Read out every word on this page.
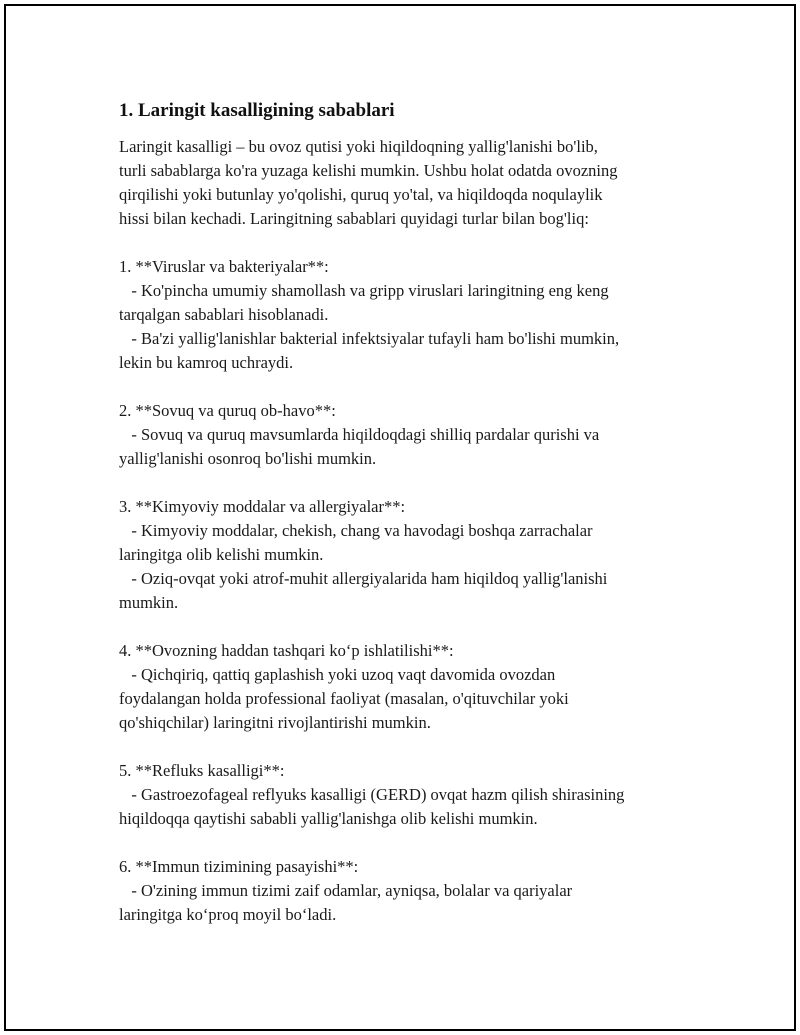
1. Laringit kasalligining sabablari

Laringit kasalligi – bu ovoz qutisi yoki hiqildoqning yallig'lanishi bo'lib,
turli sabablarga ko'ra yuzaga kelishi mumkin. Ushbu holat odatda ovozning
qirqilishi yoki butunlay yo'qolishi, quruq yo'tal, va hiqildoqda noqulaylik
hissi bilan kechadi. Laringitning sabablari quyidagi turlar bilan bog'liq:

1. **Viruslar va bakteriyalar**:

- Ko'pincha umumiy shamollash va gripp viruslari laringitning eng keng
tarqalgan sabablari hisoblanadi.
- Ba'zi yallig'lanishlar bakterial infektsiyalar tufayli ham bo'lishi mumkin,
lekin bu kamroq uchraydi.

2. **Sovuq va quruq ob-havo**:

- Sovuq va quruq mavsumlarda hiqildoqdagi shilliq pardalar qurishi va
yallig'lanishi osonroq bo'lishi mumkin.

3. **Kimyoviy moddalar va allergiyalar**:

- Kimyoviy moddalar, chekish, chang va havodagi boshqa zarrachalar
laringitga olib kelishi mumkin.
- Oziq-ovqat yoki atrof-muhit allergiyalarida ham hiqildoq yallig'lanishi
mumkin.

4. **Ovozning haddan tashqari ko‘p ishlatilishi**:

- Qichqiriq, qattiq gaplashish yoki uzoq vaqt davomida ovozdan
foydalangan holda professional faoliyat (masalan, o'qituvchilar yoki
qo'shiqchilar) laringitni rivojlantirishi mumkin.

5. **Refluks kasalligi**:

- Gastroezofageal reflyuks kasalligi (GERD) ovqat hazm qilish shirasining
hiqildoqqa qaytishi sababli yallig'lanishga olib kelishi mumkin.

6. **Immun tizimining pasayishi**:

- O'zining immun tizimi zaif odamlar, ayniqsa, bolalar va qariyalar
laringitga ko‘proq moyil bo‘ladi.
